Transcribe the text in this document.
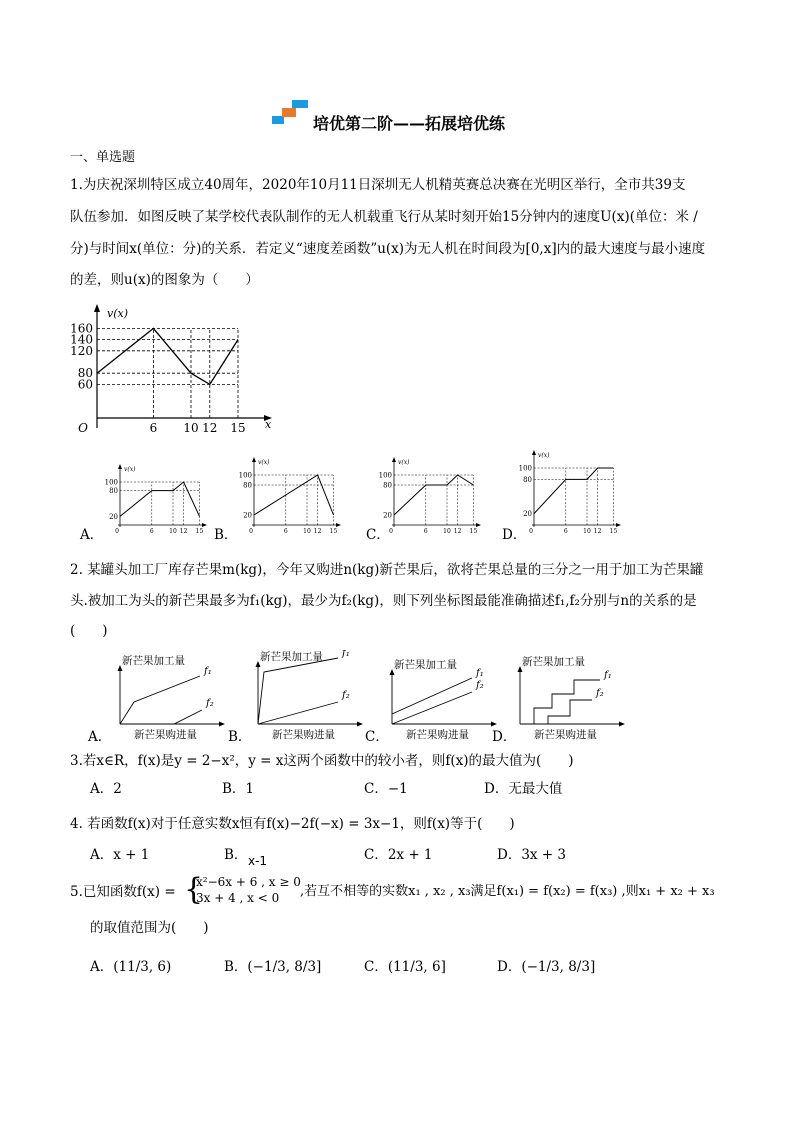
培优第二阶——拓展培优练
一、单选题
1.为庆祝深圳特区成立40周年，2020年10月11日深圳无人机精英赛总决赛在光明区举行，全市共39支
队伍参加．如图反映了某学校代表队制作的无人机载重飞行从某时刻开始15分钟内的速度U(x)(单位：米 /
分)与时间x(单位：分)的关系．若定义“速度差函数”u(x)为无人机在时间段为[0,x]内的最大速度与最小速度
的差，则u(x)的图象为（　　）
v(x)
x
160
140
120
80
60
O	6 10 12 15
A．	B．	C．	D．
v(x)
100
80
20
0	6	10 12 15
v(x)
100
80
20
0	6	10 12 15
v(x)
100
80
20
0	6	10 12 15
v(x)
100
80
20
0	6	10 12 15
2. 某罐头加工厂库存芒果m(kg)，今年又购进n(kg)新芒果后，欲将芒果总量的三分之一用于加工为芒果罐
头.被加工为头的新芒果最多为f₁(kg)，最少为f₂(kg)，则下列坐标图最能准确描述f₁,f₂分别与n的关系的是
(　　)
A．	B．	C．	D．
新芒果加工量
新芒果购进量
f₁
f₂
新芒果加工量
新芒果购进量
f₁
f₂
新芒果加工量
新芒果购进量
f₁
f₂
新芒果加工量
新芒果购进量
f₁
f₂
3.若x∈R，f(x)是y = 2−x²，y = x这两个函数中的较小者，则f(x)的最大值为(　　)
A．2	B．1	C．−1	D．无最大值
4. 若函数f(x)对于任意实数x恒有f(x)−2f(−x) = 3x−1，则f(x)等于(　　)
A．x + 1	B． x-1	C．2x + 1	D．3x + 3
5.已知函数f(x) = {
x²−6x + 6 , x ≥ 0
3x + 4 , x < 0 ,若互不相等的实数x₁ , x₂ , x₃满足f(x₁) = f(x₂) = f(x₃) ,则x₁ + x₂ + x₃
的取值范围为(　　)
A．(11/3, 6)	B．(−1/3, 8/3]	C．(11/3, 6]	D．(−1/3, 8/3]
